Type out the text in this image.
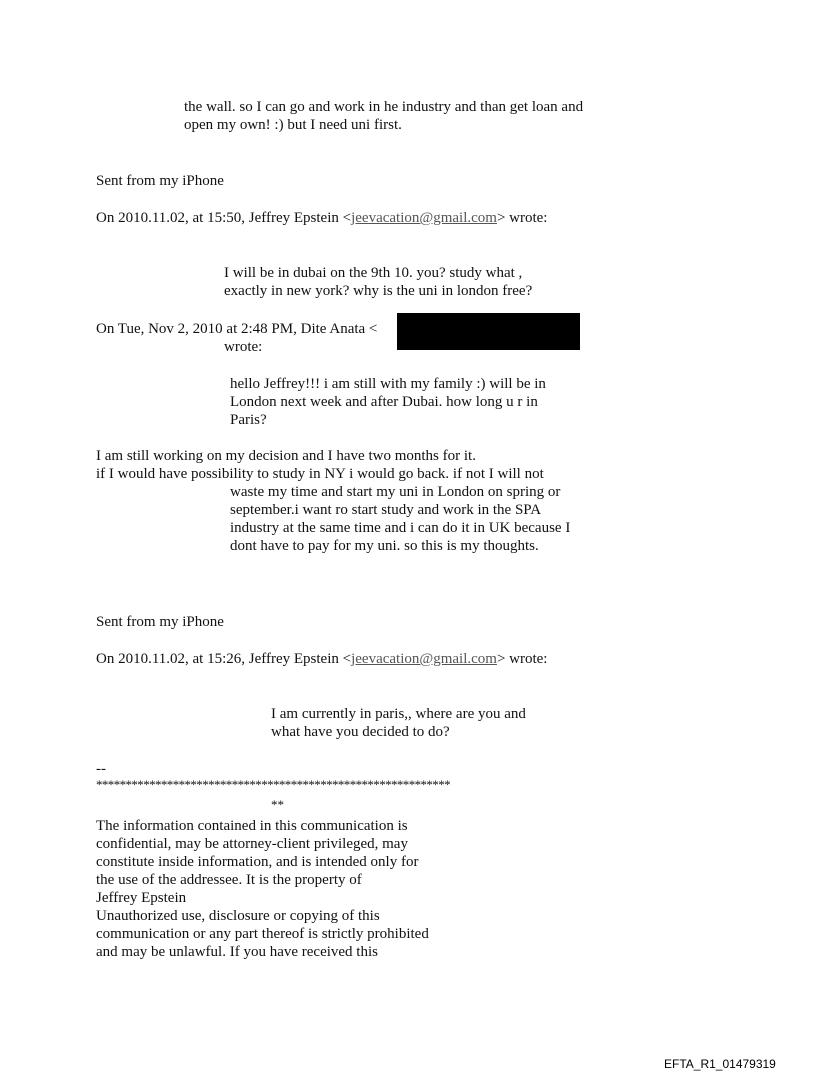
the wall. so I can go and work in he industry and than get loan and

open my own! :) but I need uni first.

Sent from my iPhone

On 2010.11.02, at 15:50, Jeffrey Epstein <jeevacation@gmail.com> wrote:

I will be in dubai on the 9th 10. you? study what ,

exactly in new york? why is the uni in london free?

On Tue, Nov 2, 2010 at 2:48 PM, Dite Anata <

wrote:

hello Jeffrey!!! i am still with my family :) will be in

London next week and after Dubai. how long u r in

Paris?

I am still working on my decision and I have two months for it.

if I would have possibility to study in NY i would go back. if not I will not

waste my time and start my uni in London on spring or

september.i want ro start study and work in the SPA

industry at the same time and i can do it in UK because I

dont have to pay for my uni. so this is my thoughts.

Sent from my iPhone

On 2010.11.02, at 15:26, Jeffrey Epstein <jeevacation@gmail.com> wrote:

I am currently in paris,, where are you and

what have you decided to do?

--

************************************************************

**

The information contained in this communication is

confidential, may be attorney-client privileged, may

constitute inside information, and is intended only for

the use of the addressee. It is the property of

Jeffrey Epstein

Unauthorized use, disclosure or copying of this

communication or any part thereof is strictly prohibited

and may be unlawful. If you have received this

EFTA_R1_01479319
